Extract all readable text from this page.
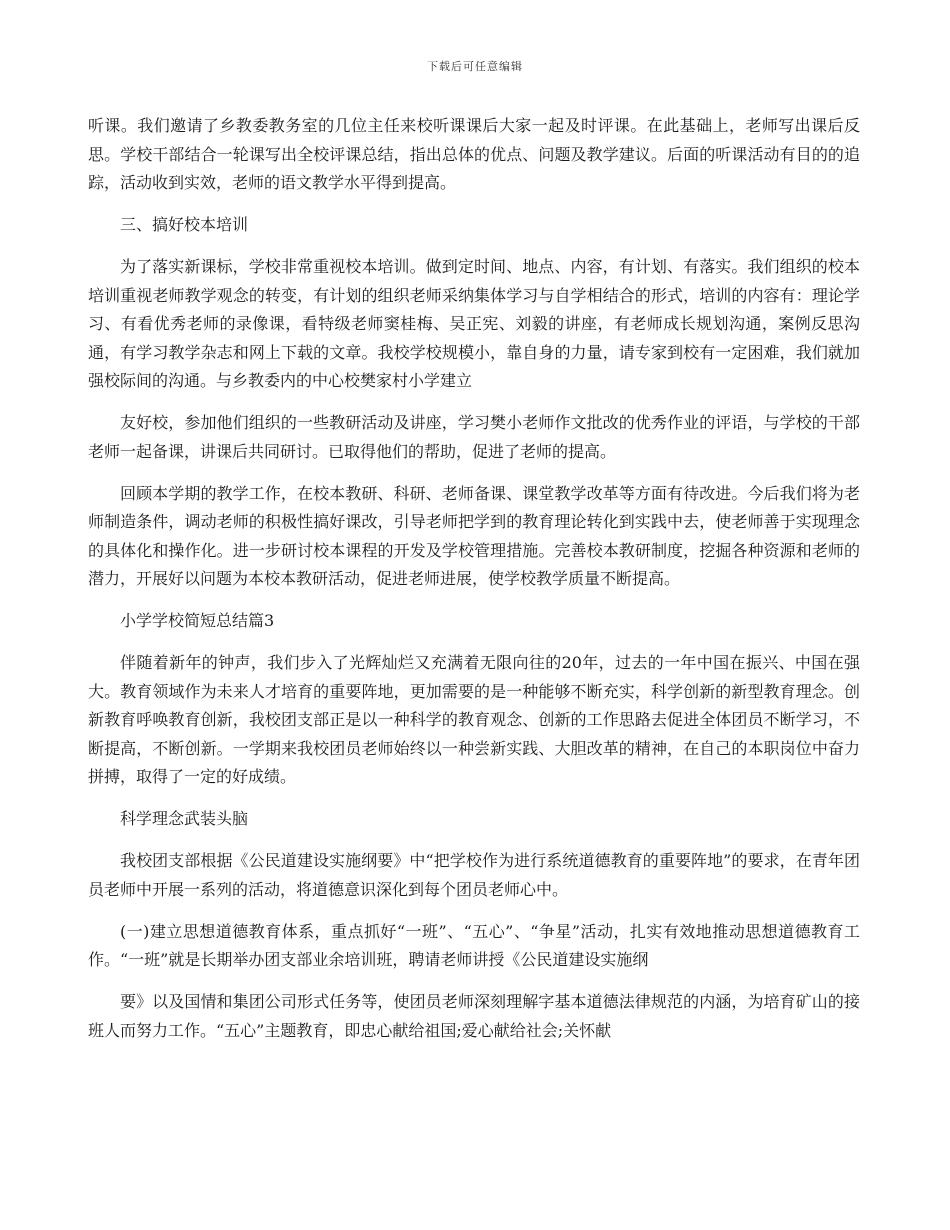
下载后可任意编辑

听课。我们邀请了乡教委教务室的几位主任来校听课课后大家一起及时评课。在此基础上，老师写出课后反思。学校干部结合一轮课写出全校评课总结，指出总体的优点、问题及教学建议。后面的听课活动有目的的追踪，活动收到实效，老师的语文教学水平得到提高。

三、搞好校本培训

为了落实新课标，学校非常重视校本培训。做到定时间、地点、内容，有计划、有落实。我们组织的校本培训重视老师教学观念的转变，有计划的组织老师采纳集体学习与自学相结合的形式，培训的内容有：理论学习、有看优秀老师的录像课，看特级老师窦桂梅、吴正宪、刘毅的讲座，有老师成长规划沟通，案例反思沟通，有学习教学杂志和网上下载的文章。我校学校规模小，靠自身的力量，请专家到校有一定困难，我们就加强校际间的沟通。与乡教委内的中心校樊家村小学建立

友好校，参加他们组织的一些教研活动及讲座，学习樊小老师作文批改的优秀作业的评语，与学校的干部老师一起备课，讲课后共同研讨。已取得他们的帮助，促进了老师的提高。

回顾本学期的教学工作，在校本教研、科研、老师备课、课堂教学改革等方面有待改进。今后我们将为老师制造条件，调动老师的积极性搞好课改，引导老师把学到的教育理论转化到实践中去，使老师善于实现理念的具体化和操作化。进一步研讨校本课程的开发及学校管理措施。完善校本教研制度，挖掘各种资源和老师的潜力，开展好以问题为本校本教研活动，促进老师进展，使学校教学质量不断提高。

小学学校简短总结篇3

伴随着新年的钟声，我们步入了光辉灿烂又充满着无限向往的20年，过去的一年中国在振兴、中国在强大。教育领域作为未来人才培育的重要阵地，更加需要的是一种能够不断充实，科学创新的新型教育理念。创新教育呼唤教育创新，我校团支部正是以一种科学的教育观念、创新的工作思路去促进全体团员不断学习，不断提高，不断创新。一学期来我校团员老师始终以一种尝新实践、大胆改革的精神，在自己的本职岗位中奋力拼搏，取得了一定的好成绩。

科学理念武装头脑

我校团支部根据《公民道建设实施纲要》中“把学校作为进行系统道德教育的重要阵地”的要求，在青年团员老师中开展一系列的活动，将道德意识深化到每个团员老师心中。

(一)建立思想道德教育体系，重点抓好“一班”、“五心”、“争星”活动，扎实有效地推动思想道德教育工作。“一班”就是长期举办团支部业余培训班，聘请老师讲授《公民道建设实施纲

要》以及国情和集团公司形式任务等，使团员老师深刻理解字基本道德法律规范的内涵，为培育矿山的接班人而努力工作。“五心”主题教育，即忠心献给祖国;爱心献给社会;关怀献
